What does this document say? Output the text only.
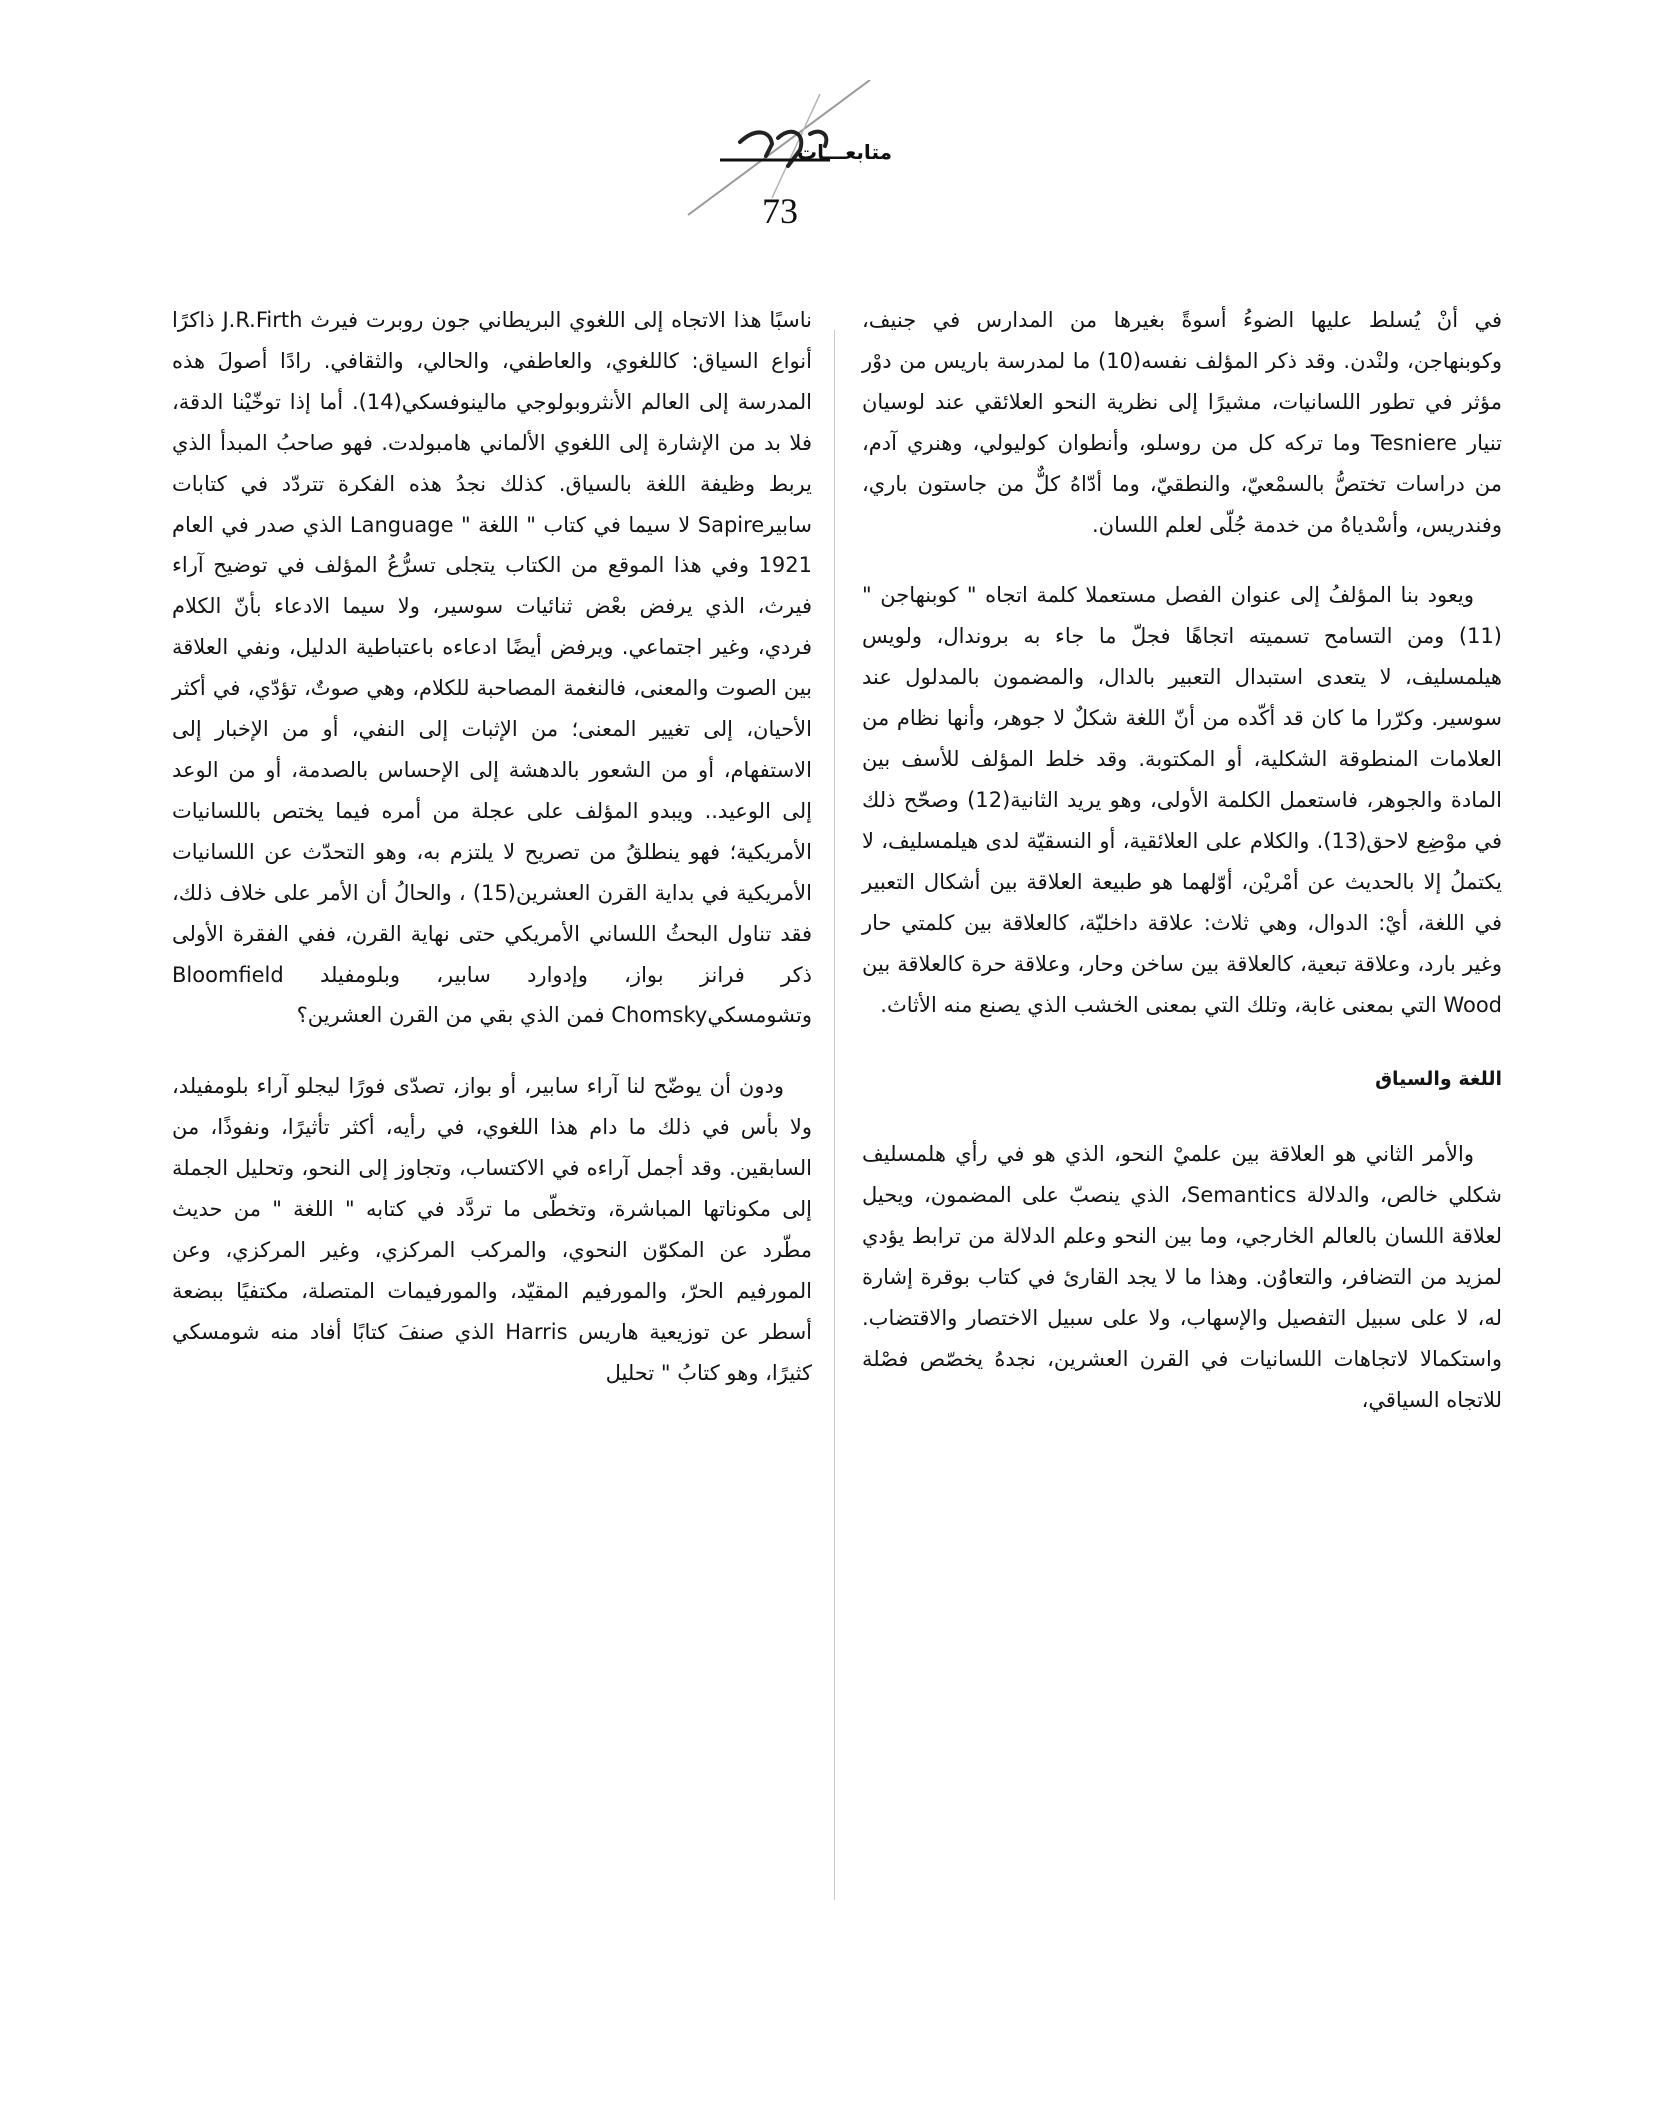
متابعـــات
73

في أنْ يُسلط عليها الضوءُ أسوةً بغيرها من المدارس في جنيف، وكوبنهاجن، ولنْدن. وقد ذكر المؤلف نفسه(10) ما لمدرسة باريس من دوْر مؤثر في تطور اللسانيات، مشيرًا إلى نظرية النحو العلائقي عند لوسيان تنيار Tesniere وما تركه كل من روسلو، وأنطوان كوليولي، وهنري آدم، من دراسات تختصُّ بالسمْعيّ، والنطقيّ، وما أدّاهُ كلٌّ من جاستون باري، وفندريس، وأسْدياهُ من خدمة جُلّى لعلم اللسان.

ويعود بنا المؤلفُ إلى عنوان الفصل مستعملا كلمة اتجاه " كوبنهاجن "(11) ومن التسامح تسميته اتجاهًا فجلّ ما جاء به بروندال، ولويس هيلمسليف، لا يتعدى استبدال التعبير بالدال، والمضمون بالمدلول عند سوسير. وكرّرا ما كان قد أكّده من أنّ اللغة شكلٌ لا جوهر، وأنها نظام من العلامات المنطوقة الشكلية، أو المكتوبة. وقد خلط المؤلف للأسف بين المادة والجوهر، فاستعمل الكلمة الأولى، وهو يريد الثانية(12) وصحّح ذلك في موْضِع لاحق(13). والكلام على العلائقية، أو النسقيّة لدى هيلمسليف، لا يكتملُ إلا بالحديث عن أمْريْن، أوّلهما هو طبيعة العلاقة بين أشكال التعبير في اللغة، أيْ: الدوال، وهي ثلاث: علاقة داخليّة، كالعلاقة بين كلمتي حار وغير بارد، وعلاقة تبعية، كالعلاقة بين ساخن وحار، وعلاقة حرة كالعلاقة بين Wood التي بمعنى غابة، وتلك التي بمعنى الخشب الذي يصنع منه الأثاث.

اللغة والسياق

والأمر الثاني هو العلاقة بين علميْ النحو، الذي هو في رأي هلمسليف شكلي خالص، والدلالة Semantics، الذي ينصبّ على المضمون، ويحيل لعلاقة اللسان بالعالم الخارجي، وما بين النحو وعلم الدلالة من ترابط يؤدي لمزيد من التضافر، والتعاوُن. وهذا ما لا يجد القارئ في كتاب بوقرة إشارة له، لا على سبيل التفصيل والإسهاب، ولا على سبيل الاختصار والاقتضاب. واستكمالا لاتجاهات اللسانيات في القرن العشرين، نجدهُ يخصّص فصْلة للاتجاه السياقي،

ناسبًا هذا الاتجاه إلى اللغوي البريطاني جون روبرت فيرث J.R.Firth ذاكرًا أنواع السياق: كاللغوي، والعاطفي، والحالي، والثقافي. رادًا أصولَ هذه المدرسة إلى العالم الأنثروبولوجي مالينوفسكي(14). أما إذا توخّيْنا الدقة، فلا بد من الإشارة إلى اللغوي الألماني هامبولدت. فهو صاحبُ المبدأ الذي يربط وظيفة اللغة بالسياق. كذلك نجدُ هذه الفكرة تتردّد في كتابات سابيرSapire لا سيما في كتاب " اللغة " Language الذي صدر في العام 1921 وفي هذا الموقع من الكتاب يتجلى تسرُّعُ المؤلف في توضيح آراء فيرث، الذي يرفض بعْض ثنائيات سوسير، ولا سيما الادعاء بأنّ الكلام فردي، وغير اجتماعي. ويرفض أيضًا ادعاءه باعتباطية الدليل، ونفي العلاقة بين الصوت والمعنى، فالنغمة المصاحبة للكلام، وهي صوتٌ، تؤدّي، في أكثر الأحيان، إلى تغيير المعنى؛ من الإثبات إلى النفي، أو من الإخبار إلى الاستفهام، أو من الشعور بالدهشة إلى الإحساس بالصدمة، أو من الوعد إلى الوعيد.. ويبدو المؤلف على عجلة من أمره فيما يختص باللسانيات الأمريكية؛ فهو ينطلقُ من تصريح لا يلتزم به، وهو التحدّث عن اللسانيات الأمريكية في بداية القرن العشرين(15) ، والحالُ أن الأمر على خلاف ذلك، فقد تناول البحثُ اللساني الأمريكي حتى نهاية القرن، ففي الفقرة الأولى ذكر فرانز بواز، وإدوارد سابير، وبلومفيلد Bloomfield وتشومسكيChomsky فمن الذي بقي من القرن العشرين؟

ودون أن يوضّح لنا آراء سابير، أو بواز، تصدّى فورًا ليجلو آراء بلومفيلد، ولا بأس في ذلك ما دام هذا اللغوي، في رأيه، أكثر تأثيرًا، ونفوذًا، من السابقين. وقد أجمل آراءه في الاكتساب، وتجاوز إلى النحو، وتحليل الجملة إلى مكوناتها المباشرة، وتخطّى ما تردَّد في كتابه " اللغة " من حديث مطّرد عن المكوّن النحوي، والمركب المركزي، وغير المركزي، وعن المورفيم الحرّ، والمورفيم المقيّد، والمورفيمات المتصلة، مكتفيًا ببضعة أسطر عن توزيعية هاريس Harris الذي صنفَ كتابًا أفاد منه شومسكي كثيرًا، وهو كتابُ " تحليل
